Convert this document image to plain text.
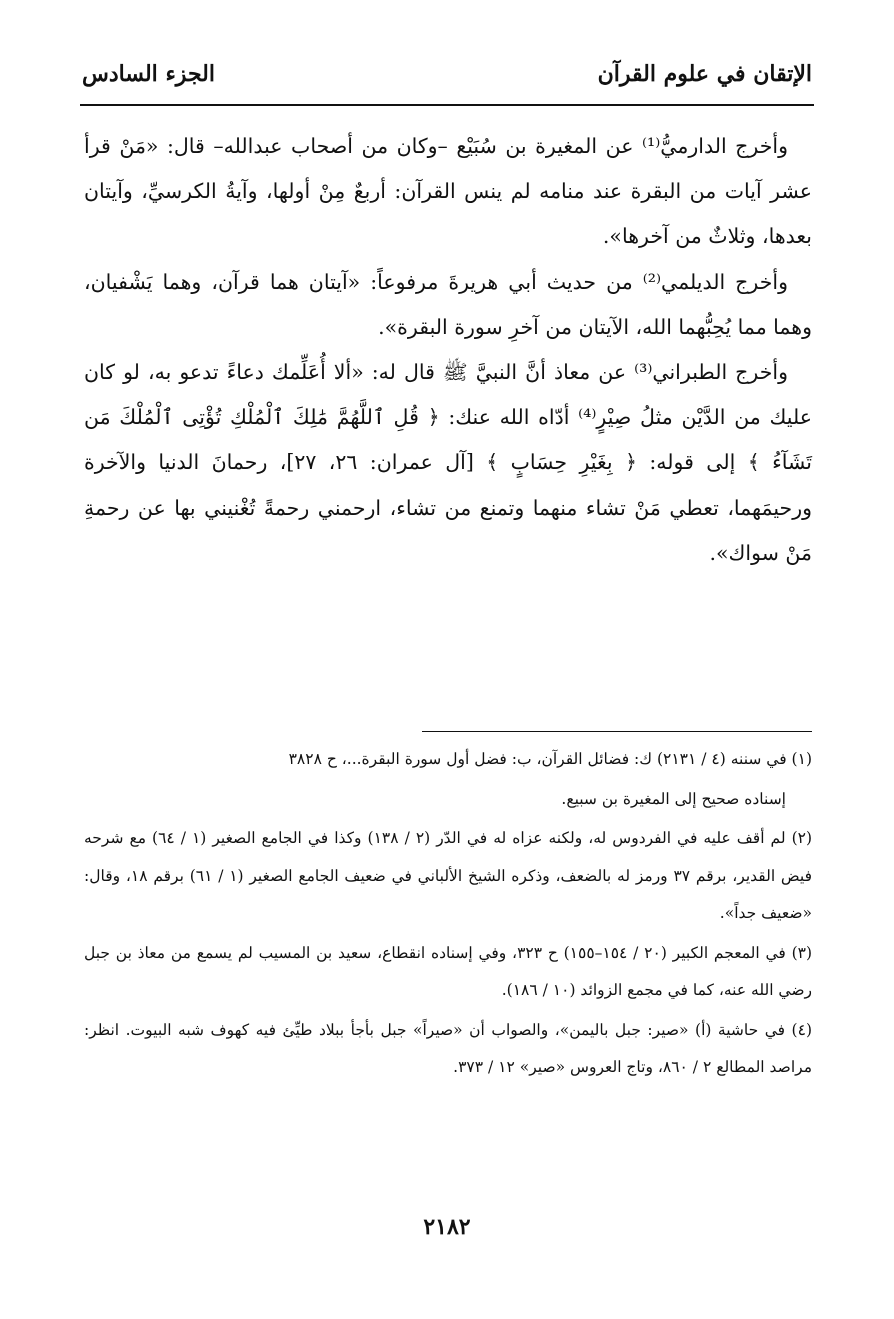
الإتقان في علوم القرآن
الجزء السادس

وأخرج الدارميُّ⁽¹⁾ عن المغيرة بن سُبَيْع –وكان من أصحاب عبدالله– قال: «مَنْ قرأ عشر آيات من البقرة عند منامه لم ينس القرآن: أربعٌ مِنْ أولها، وآيةُ الكرسيِّ، وآيتان بعدها، وثلاثٌ من آخرها».

وأخرج الديلمي⁽²⁾ من حديث أبي هريرةَ مرفوعاً: «آيتان هما قرآن، وهما يَشْفيان، وهما مما يُحِبُّهما الله، الآيتان من آخرِ سورة البقرة».

وأخرج الطبراني⁽³⁾ عن معاذ أنَّ النبيَّ ﷺ قال له: «ألا أُعَلِّمك دعاءً تدعو به، لو كان عليك من الدَّيْن مثلُ صِيْرٍ⁽⁴⁾ أدّاه الله عنك: ﴿ قُلِ ٱللَّهُمَّ مَٰلِكَ ٱلْمُلْكِ تُؤْتِى ٱلْمُلْكَ مَن تَشَآءُ ﴾ إلى قوله: ﴿ بِغَيْرِ حِسَابٍ ﴾ [آل عمران: ٢٦، ٢٧]، رحمانَ الدنيا والآخرة ورحيمَهما، تعطي مَنْ تشاء منهما وتمنع من تشاء، ارحمني رحمةً تُغْنيني بها عن رحمةِ مَنْ سواك».

(١) في سننه (٤ / ٢١٣١) ك: فضائل القرآن، ب: فضل أول سورة البقرة...، ح ٣٨٢٨

إسناده صحيح إلى المغيرة بن سبيع.

(٢) لم أقف عليه في الفردوس له، ولكنه عزاه له في الدّر (٢ / ١٣٨) وكذا في الجامع الصغير (١ / ٦٤) مع شرحه فيض القدير، برقم ٣٧ ورمز له بالضعف، وذكره الشيخ الألباني في ضعيف الجامع الصغير (١ / ٦١) برقم ١٨، وقال: «ضعيف جداً».

(٣) في المعجم الكبير (٢٠ / ١٥٤–١٥٥) ح ٣٢٣، وفي إسناده انقطاع، سعيد بن المسيب لم يسمع من معاذ بن جبل رضي الله عنه، كما في مجمع الزوائد (١٠ / ١٨٦).

(٤) في حاشية (أ) «صير: جبل باليمن»، والصواب أن «صيراً» جبل بأجأ ببلاد طيِّئ فيه كهوف شبه البيوت. انظر: مراصد المطالع ٢ / ٨٦٠، وتاج العروس «صير» ١٢ / ٣٧٣.

٢١٨٢
